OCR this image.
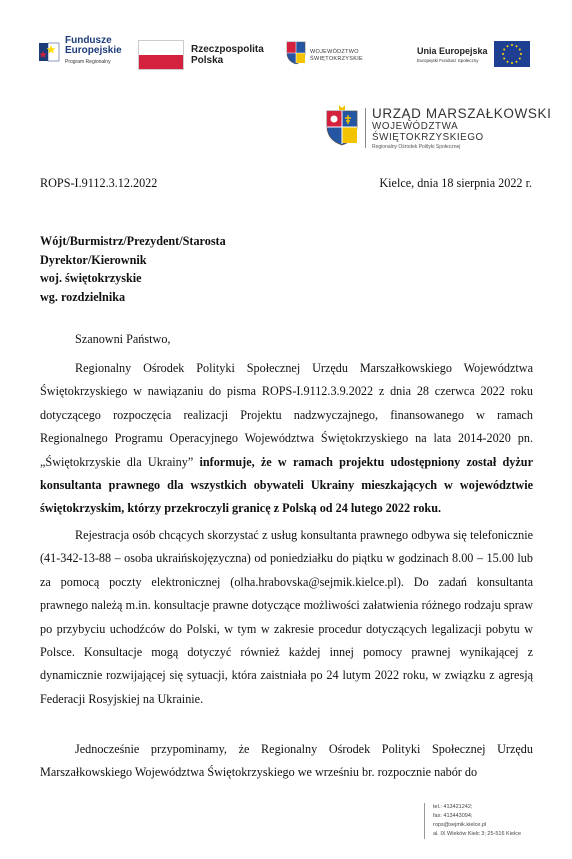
Fundusze
Europejskie
Program Regionalny
Rzeczpospolita
Polska
WOJEWÓDZTWO
ŚWIĘTOKRZYSKIE
Unia Europejska
Europejski Fundusz Społeczny
URZĄD MARSZAŁKOWSKI
WOJEWÓDZTWA ŚWIĘTOKRZYSKIEGO
Regionalny Ośrodek Polityki Społecznej
ROPS-I.9112.3.12.2022	Kielce, dnia 18 sierpnia 2022 r.
Wójt/Burmistrz/Prezydent/Starosta
Dyrektor/Kierownik
woj. świętokrzyskie
wg. rozdzielnika
Szanowni Państwo,

Regionalny Ośrodek Polityki Społecznej Urzędu Marszałkowskiego Województwa Świętokrzyskiego w nawiązaniu do pisma ROPS-I.9112.3.9.2022 z dnia 28 czerwca 2022 roku dotyczącego rozpoczęcia realizacji Projektu nadzwyczajnego, finansowanego w ramach Regionalnego Programu Operacyjnego Województwa Świętokrzyskiego na lata 2014-2020 pn. „Świętokrzyskie dla Ukrainy” informuje, że w ramach projektu udostępniony został dyżur konsultanta prawnego dla wszystkich obywateli Ukrainy mieszkających w województwie świętokrzyskim, którzy przekroczyli granicę z Polską od 24 lutego 2022 roku.

Rejestracja osób chcących skorzystać z usług konsultanta prawnego odbywa się telefonicznie (41-342-13-88 – osoba ukraińskojęzyczna) od poniedziałku do piątku w godzinach 8.00 – 15.00 lub za pomocą poczty elektronicznej (olha.hrabovska@sejmik.kielce.pl). Do zadań konsultanta prawnego należą m.in. konsultacje prawne dotyczące możliwości załatwienia różnego rodzaju spraw po przybyciu uchodźców do Polski, w tym w zakresie procedur dotyczących legalizacji pobytu w Polsce. Konsultacje mogą dotyczyć również każdej innej pomocy prawnej wynikającej z dynamicznie rozwijającej się sytuacji, która zaistniała po 24 lutym 2022 roku, w związku z agresją Federacji Rosyjskiej na Ukrainie.

Jednocześnie przypominamy, że Regionalny Ośrodek Polityki Społecznej Urzędu Marszałkowskiego Województwa Świętokrzyskiego we wrześniu br. rozpocznie nabór do

tel.: 413421242;
fax: 413443094;
rops@sejmik.kielce.pl
al. IX Wieków Kielc 3; 25-516 Kielce
